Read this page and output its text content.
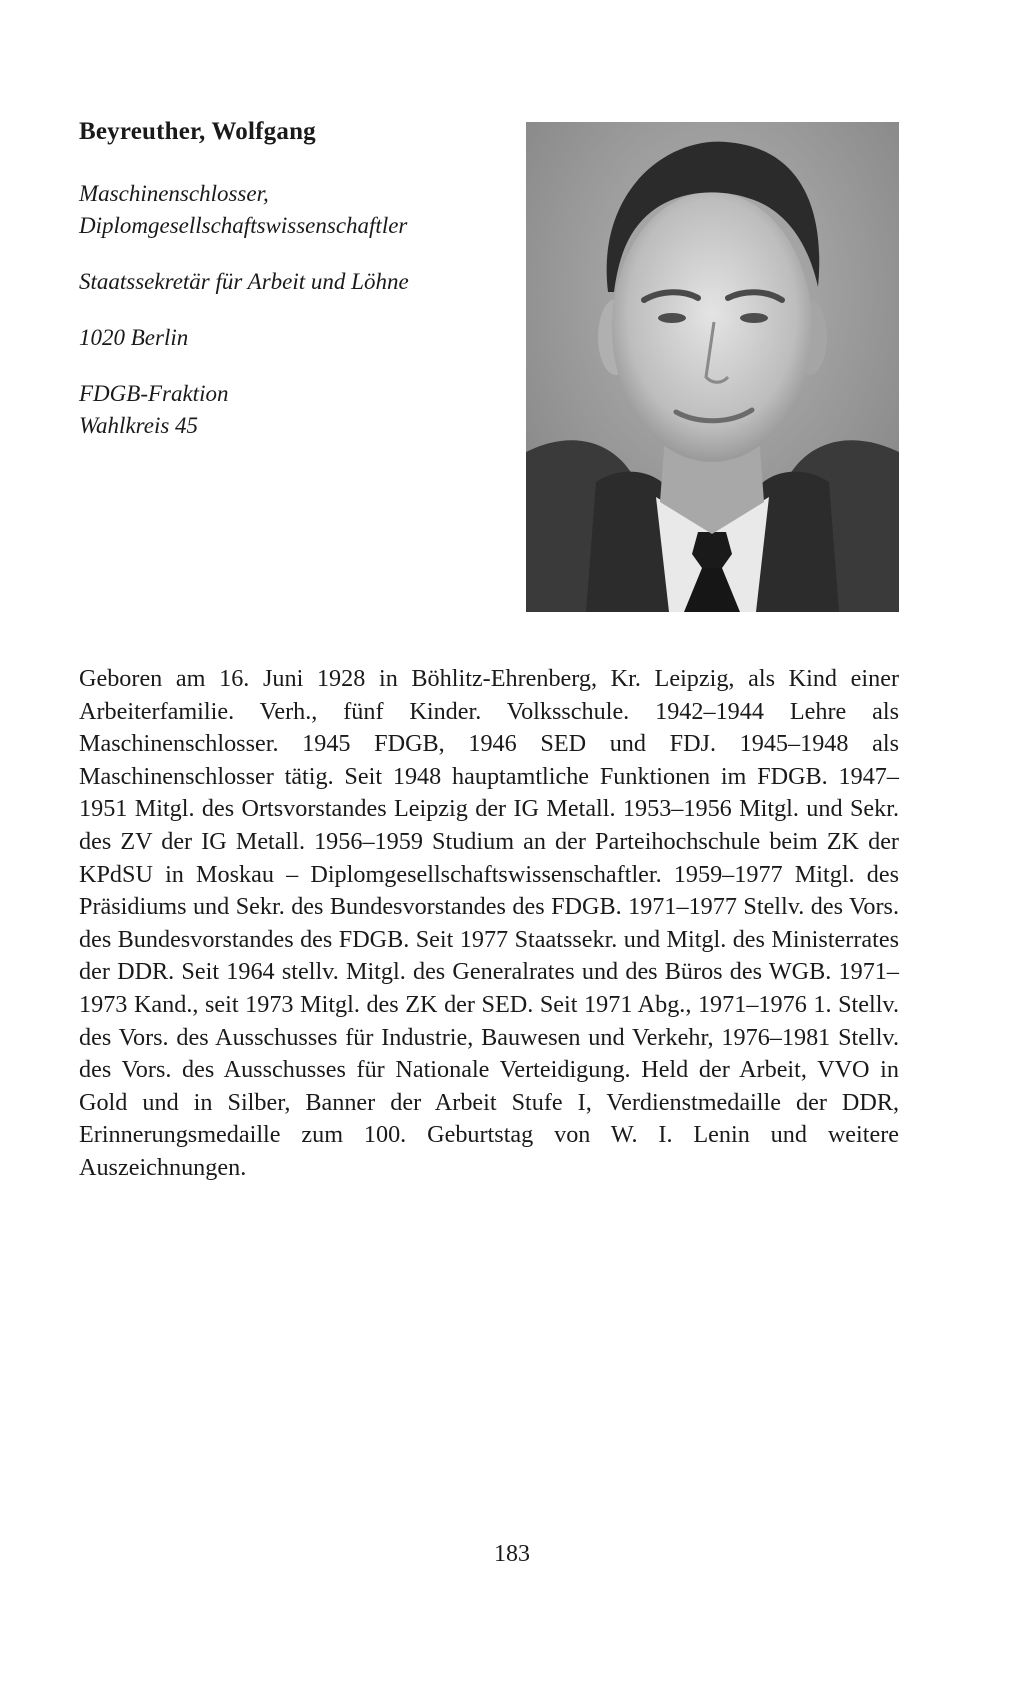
Beyreuther, Wolfgang
Maschinenschlosser,
Diplomgesellschaftswissenschaftler
Staatssekretär für Arbeit und Löhne
1020 Berlin
FDGB-Fraktion
Wahlkreis 45

Geboren am 16. Juni 1928 in Böhlitz-Ehrenberg, Kr. Leipzig, als Kind einer Arbeiterfamilie. Verh., fünf Kinder. Volksschule. 1942–1944 Lehre als Maschinenschlosser. 1945 FDGB, 1946 SED und FDJ. 1945–1948 als Maschinenschlosser tätig. Seit 1948 hauptamtliche Funktionen im FDGB. 1947–1951 Mitgl. des Ortsvorstandes Leipzig der IG Metall. 1953–1956 Mitgl. und Sekr. des ZV der IG Metall. 1956–1959 Studium an der Parteihochschule beim ZK der KPdSU in Moskau – Diplomgesellschaftswissenschaftler. 1959–1977 Mitgl. des Präsidiums und Sekr. des Bundesvorstandes des FDGB. 1971–1977 Stellv. des Vors. des Bundesvorstandes des FDGB. Seit 1977 Staatssekr. und Mitgl. des Ministerrates der DDR. Seit 1964 stellv. Mitgl. des Generalrates und des Büros des WGB. 1971–1973 Kand., seit 1973 Mitgl. des ZK der SED. Seit 1971 Abg., 1971–1976 1. Stellv. des Vors. des Ausschusses für Industrie, Bauwesen und Verkehr, 1976–1981 Stellv. des Vors. des Ausschusses für Nationale Verteidigung. Held der Arbeit, VVO in Gold und in Silber, Banner der Arbeit Stufe I, Verdienstmedaille der DDR, Erinnerungsmedaille zum 100. Geburtstag von W. I. Lenin und weitere Auszeichnungen.

183
